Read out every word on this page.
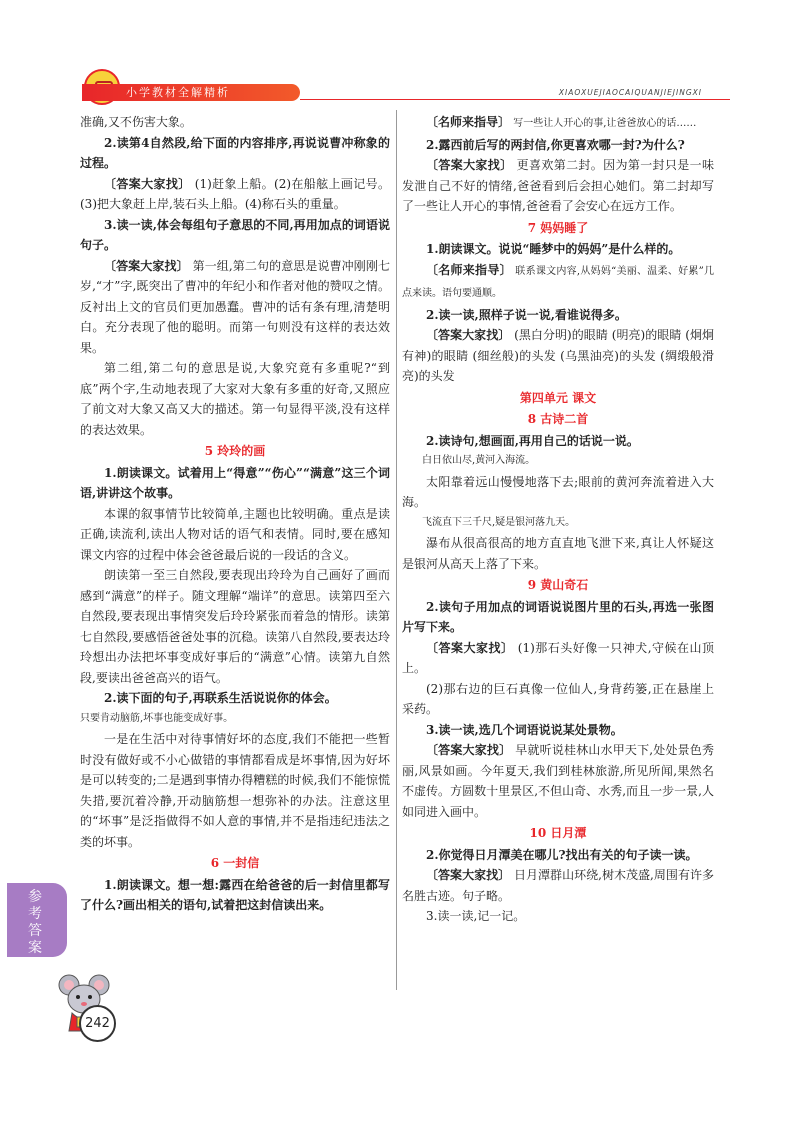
小学教材全解精析	XIAOXUEJIAOCAIQUANJIEJINGXI

准确,又不伤害大象。

2.读第4自然段,给下面的内容排序,再说说曹冲称象的过程。

〔答案大家找〕 (1)赶象上船。(2)在船舷上画记号。(3)把大象赶上岸,装石头上船。(4)称石头的重量。

3.读一读,体会每组句子意思的不同,再用加点的词语说句子。

〔答案大家找〕 第一组,第二句的意思是说曹冲刚刚七岁,“才”字,既突出了曹冲的年纪小和作者对他的赞叹之情。反衬出上文的官员们更加愚蠢。曹冲的话有条有理,清楚明白。充分表现了他的聪明。而第一句则没有这样的表达效果。

第二组,第二句的意思是说,大象究竟有多重呢?“到底”两个字,生动地表现了大家对大象有多重的好奇,又照应了前文对大象又高又大的描述。第一句显得平淡,没有这样的表达效果。

5 玲玲的画

1.朗读课文。试着用上“得意”“伤心”“满意”这三个词语,讲讲这个故事。

本课的叙事情节比较简单,主题也比较明确。重点是读正确,读流利,读出人物对话的语气和表情。同时,要在感知课文内容的过程中体会爸爸最后说的一段话的含义。

朗读第一至三自然段,要表现出玲玲为自己画好了画而感到“满意”的样子。随文理解“端详”的意思。读第四至六自然段,要表现出事情突发后玲玲紧张而着急的情形。读第七自然段,要感悟爸爸处事的沉稳。读第八自然段,要表达玲玲想出办法把坏事变成好事后的“满意”心情。读第九自然段,要读出爸爸高兴的语气。

2.读下面的句子,再联系生活说说你的体会。

只要肯动脑筋,坏事也能变成好事。

一是在生活中对待事情好坏的态度,我们不能把一些暂时没有做好或不小心做错的事情都看成是坏事情,因为好坏是可以转变的;二是遇到事情办得糟糕的时候,我们不能惊慌失措,要沉着冷静,开动脑筋想一想弥补的办法。注意这里的“坏事”是泛指做得不如人意的事情,并不是指违纪违法之类的坏事。

6 一封信

1.朗读课文。想一想:露西在给爸爸的后一封信里都写了什么?画出相关的语句,试着把这封信读出来。

〔名师来指导〕 写一些让人开心的事,让爸爸放心的话……

2.露西前后写的两封信,你更喜欢哪一封?为什么?

〔答案大家找〕 更喜欢第二封。因为第一封只是一味发泄自己不好的情绪,爸爸看到后会担心她们。第二封却写了一些让人开心的事情,爸爸看了会安心在远方工作。

7 妈妈睡了

1.朗读课文。说说“睡梦中的妈妈”是什么样的。

〔名师来指导〕 联系课文内容,从妈妈“美丽、温柔、好累”几点来读。语句要通顺。

2.读一读,照样子说一说,看谁说得多。

〔答案大家找〕 (黑白分明)的眼睛 (明亮)的眼睛 (炯炯有神)的眼睛 (细丝般)的头发 (乌黑油亮)的头发 (绸缎般滑亮)的头发

第四单元 课文
8 古诗二首

2.读诗句,想画面,再用自己的话说一说。

白日依山尽,黄河入海流。

太阳靠着远山慢慢地落下去;眼前的黄河奔流着进入大海。

飞流直下三千尺,疑是银河落九天。

瀑布从很高很高的地方直直地飞泄下来,真让人怀疑这是银河从高天上落了下来。

9 黄山奇石

2.读句子用加点的词语说说图片里的石头,再选一张图片写下来。

〔答案大家找〕 (1)那石头好像一只神犬,守候在山顶上。

(2)那右边的巨石真像一位仙人,身背药篓,正在悬崖上采药。

3.读一读,选几个词语说说某处景物。

〔答案大家找〕 早就听说桂林山水甲天下,处处景色秀丽,风景如画。今年夏天,我们到桂林旅游,所见所闻,果然名不虚传。方圆数十里景区,不但山奇、水秀,而且一步一景,人如同进入画中。

10 日月潭

2.你觉得日月潭美在哪儿?找出有关的句子读一读。

〔答案大家找〕 日月潭群山环绕,树木茂盛,周围有许多名胜古迹。句子略。

3.读一读,记一记。

参考答案
242
